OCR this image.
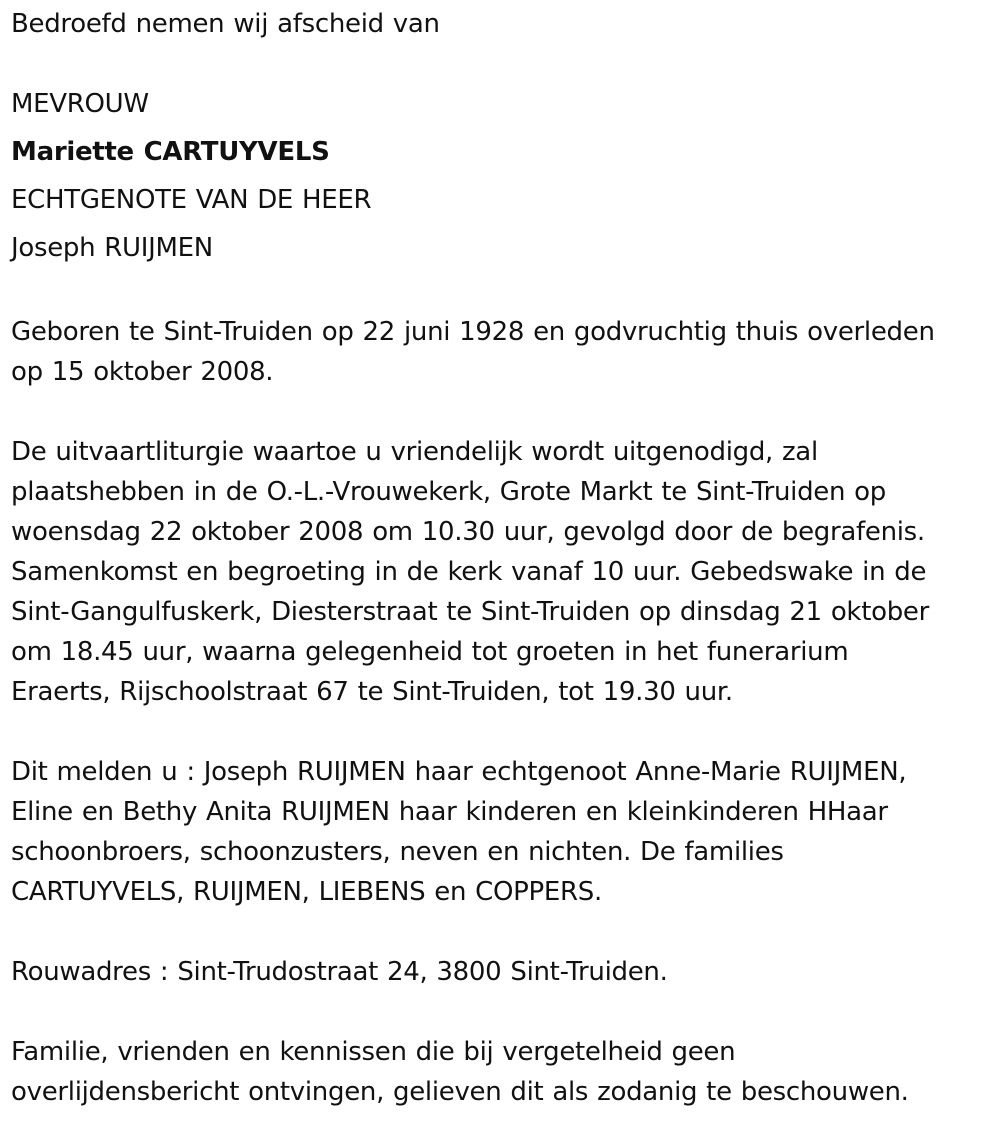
Bedroefd nemen wij afscheid van

MEVROUW

Mariette CARTUYVELS

ECHTGENOTE VAN DE HEER

Joseph RUIJMEN

Geboren te Sint-Truiden op 22 juni 1928 en godvruchtig thuis overleden

op 15 oktober 2008.

De uitvaartliturgie waartoe u vriendelijk wordt uitgenodigd, zal

plaatshebben in de O.-L.-Vrouwekerk, Grote Markt te Sint-Truiden op

woensdag 22 oktober 2008 om 10.30 uur, gevolgd door de begrafenis.

Samenkomst en begroeting in de kerk vanaf 10 uur. Gebedswake in de

Sint-Gangulfuskerk, Diesterstraat te Sint-Truiden op dinsdag 21 oktober

om 18.45 uur, waarna gelegenheid tot groeten in het funerarium

Eraerts, Rijschoolstraat 67 te Sint-Truiden, tot 19.30 uur.

Dit melden u : Joseph RUIJMEN haar echtgenoot Anne-Marie RUIJMEN,

Eline en Bethy Anita RUIJMEN haar kinderen en kleinkinderen HHaar

schoonbroers, schoonzusters, neven en nichten. De families

CARTUYVELS, RUIJMEN, LIEBENS en COPPERS.

Rouwadres : Sint-Trudostraat 24, 3800 Sint-Truiden.

Familie, vrienden en kennissen die bij vergetelheid geen

overlijdensbericht ontvingen, gelieven dit als zodanig te beschouwen.
